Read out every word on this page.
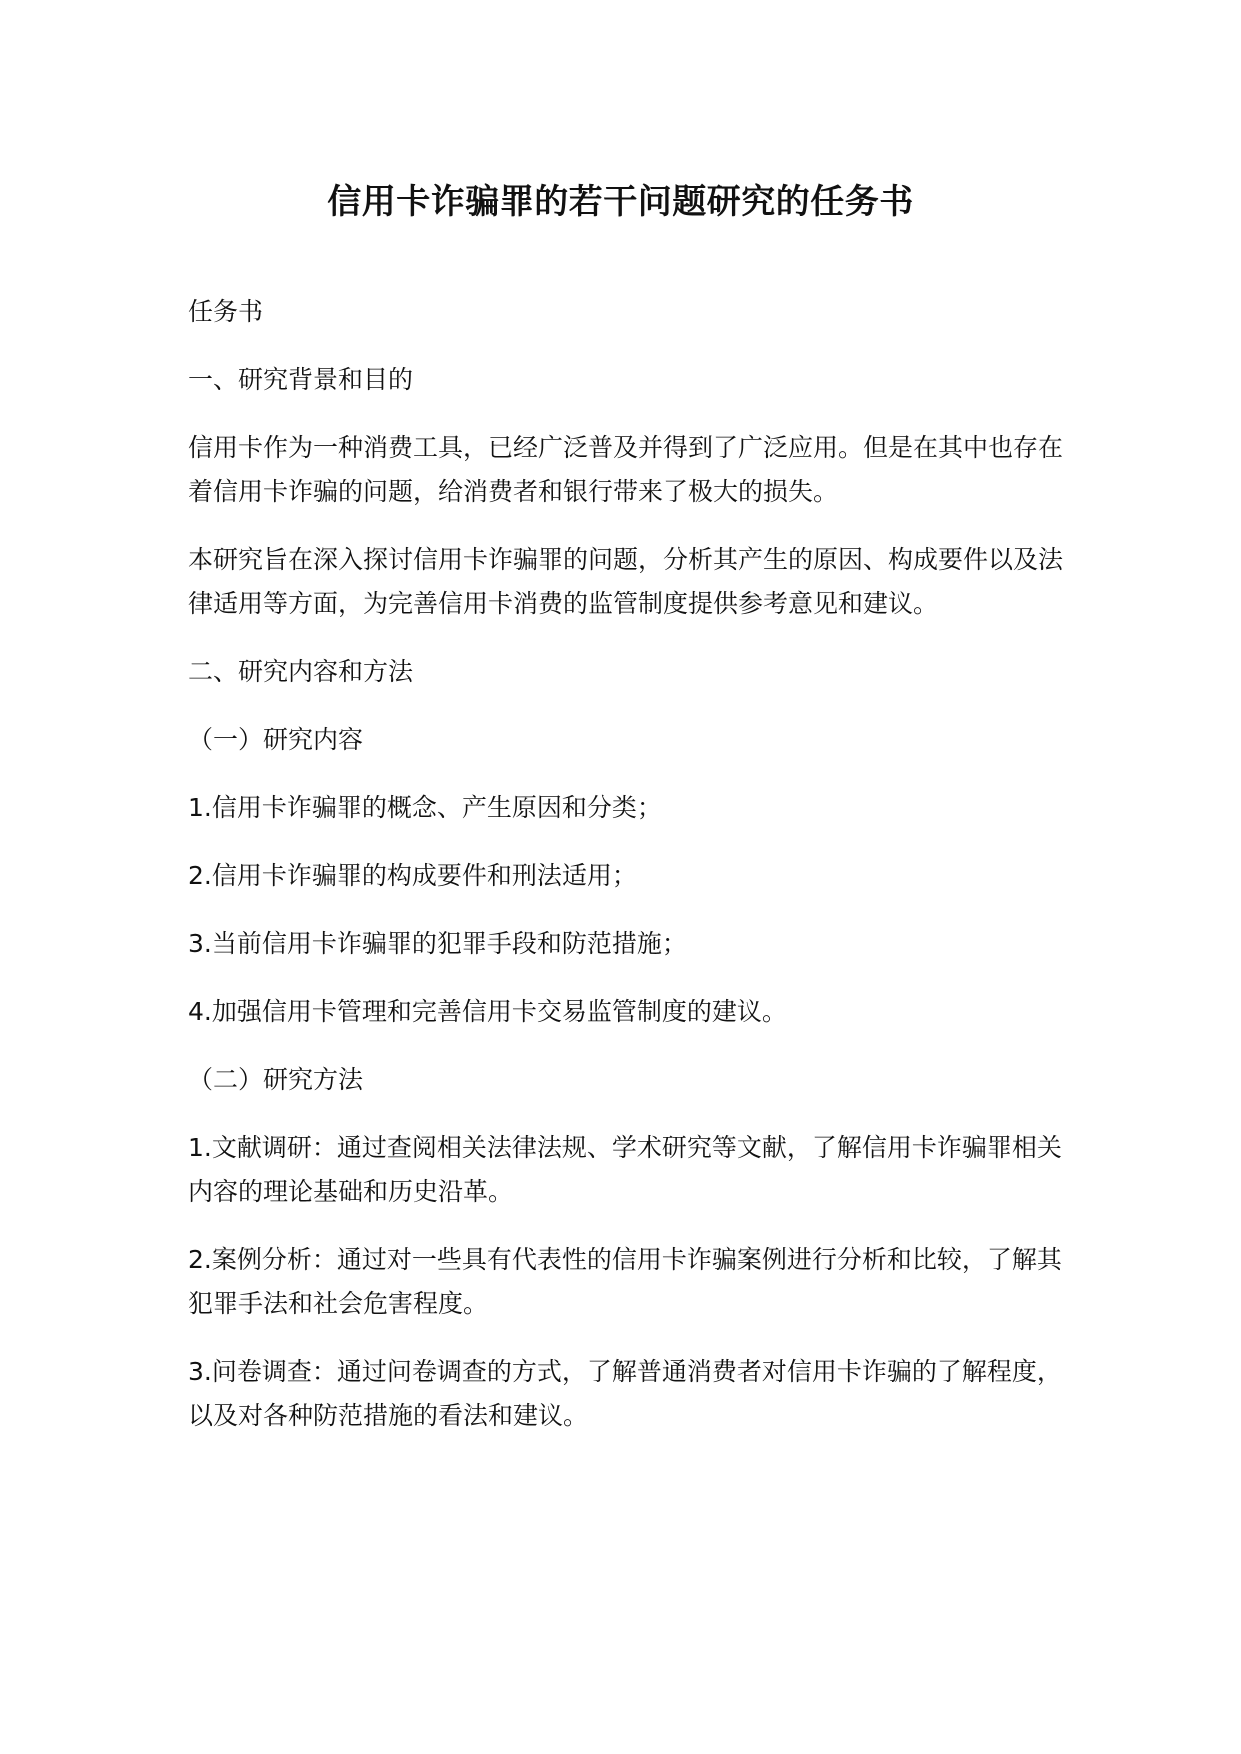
信用卡诈骗罪的若干问题研究的任务书

任务书

一、研究背景和目的

信用卡作为一种消费工具，已经广泛普及并得到了广泛应用。但是在其中也存在着信用卡诈骗的问题，给消费者和银行带来了极大的损失。

本研究旨在深入探讨信用卡诈骗罪的问题，分析其产生的原因、构成要件以及法律适用等方面，为完善信用卡消费的监管制度提供参考意见和建议。

二、研究内容和方法

（一）研究内容

1.信用卡诈骗罪的概念、产生原因和分类；

2.信用卡诈骗罪的构成要件和刑法适用；

3.当前信用卡诈骗罪的犯罪手段和防范措施；

4.加强信用卡管理和完善信用卡交易监管制度的建议。

（二）研究方法

1.文献调研：通过查阅相关法律法规、学术研究等文献，了解信用卡诈骗罪相关内容的理论基础和历史沿革。

2.案例分析：通过对一些具有代表性的信用卡诈骗案例进行分析和比较，了解其犯罪手法和社会危害程度。

3.问卷调查：通过问卷调查的方式，了解普通消费者对信用卡诈骗的了解程度，以及对各种防范措施的看法和建议。
